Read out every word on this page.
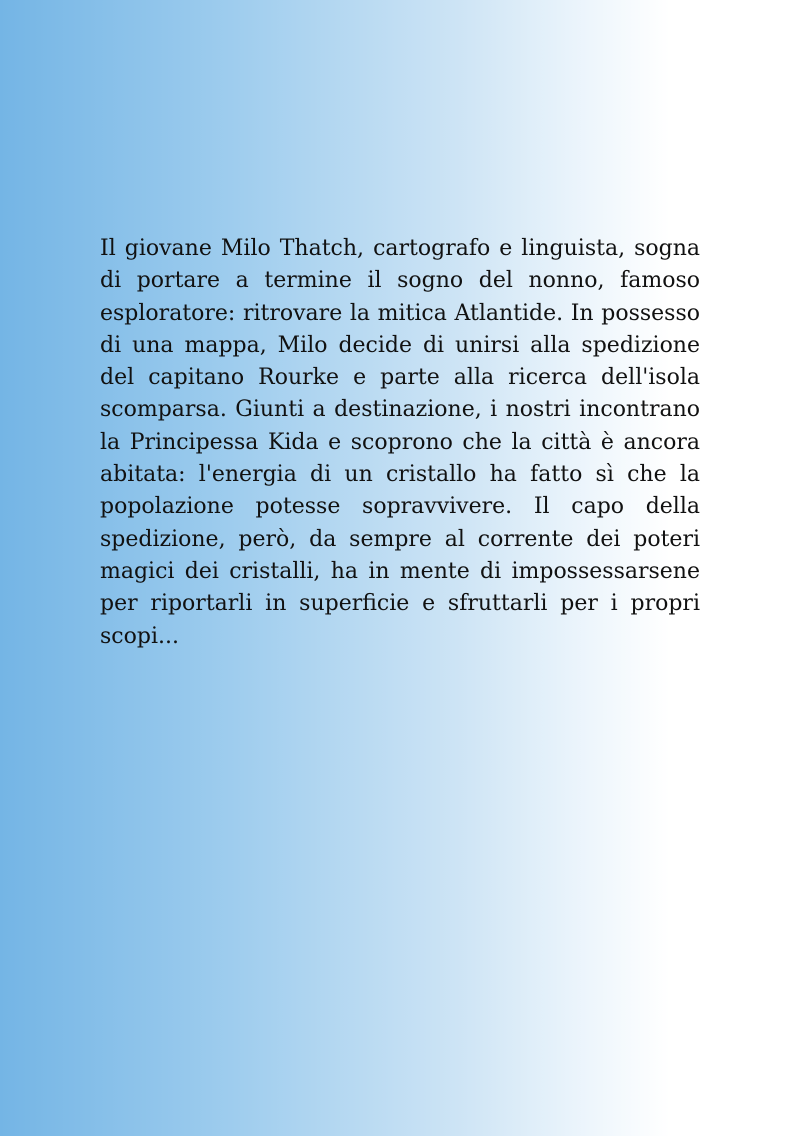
Il giovane Milo Thatch, cartografo e linguista, sogna
di portare a termine il sogno del nonno, famoso
esploratore: ritrovare la mitica Atlantide. In possesso
di una mappa, Milo decide di unirsi alla spedizione
del capitano Rourke e parte alla ricerca dell'isola
scomparsa. Giunti a destinazione, i nostri incontrano
la Principessa Kida e scoprono che la città è ancora
abitata: l'energia di un cristallo ha fatto sì che la
popolazione potesse sopravvivere. Il capo della
spedizione, però, da sempre al corrente dei poteri
magici dei cristalli, ha in mente di impossessarsene
per riportarli in superficie e sfruttarli per i propri
scopi...
